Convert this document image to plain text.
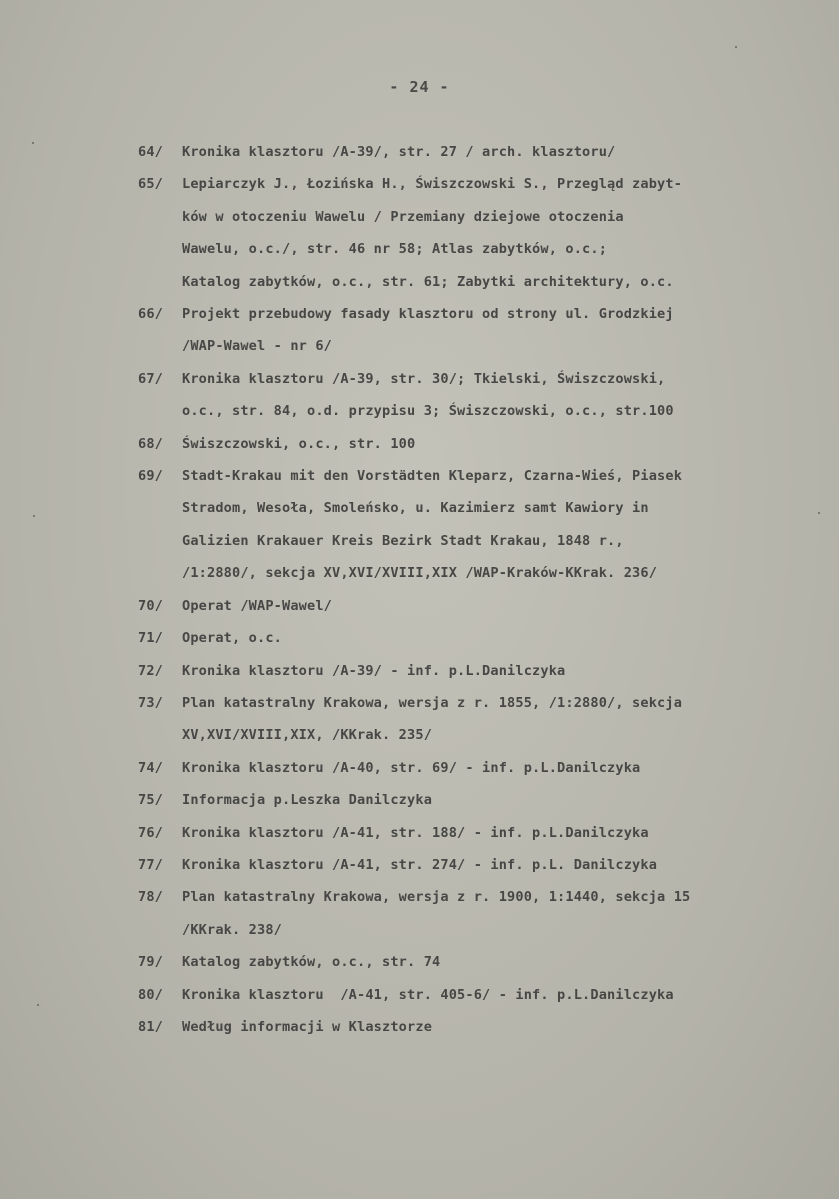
- 24 -
64/	Kronika klasztoru /A-39/, str. 27 / arch. klasztoru/
65/	Lepiarczyk J., Łozińska H., Świszczowski S., Przegląd zabyt-
ków w otoczeniu Wawelu / Przemiany dziejowe otoczenia
Wawelu, o.c./, str. 46 nr 58; Atlas zabytków, o.c.;
Katalog zabytków, o.c., str. 61; Zabytki architektury, o.c.
66/	Projekt przebudowy fasady klasztoru od strony ul. Grodzkiej
/WAP-Wawel - nr 6/
67/	Kronika klasztoru /A-39, str. 30/; Tkielski, Świszczowski,
o.c., str. 84, o.d. przypisu 3; Świszczowski, o.c., str.100
68/	Świszczowski, o.c., str. 100
69/	Stadt-Krakau mit den Vorstädten Kleparz, Czarna-Wieś, Piasek
Stradom, Wesoła, Smoleńsko, u. Kazimierz samt Kawiory in
Galizien Krakauer Kreis Bezirk Stadt Krakau, 1848 r.,
/1:2880/, sekcja XV,XVI/XVIII,XIX /WAP-Kraków-KKrak. 236/
70/	Operat /WAP-Wawel/
71/	Operat, o.c.
72/	Kronika klasztoru /A-39/ - inf. p.L.Danilczyka
73/	Plan katastralny Krakowa, wersja z r. 1855, /1:2880/, sekcja
XV,XVI/XVIII,XIX, /KKrak. 235/
74/	Kronika klasztoru /A-40, str. 69/ - inf. p.L.Danilczyka
75/	Informacja p.Leszka Danilczyka
76/	Kronika klasztoru /A-41, str. 188/ - inf. p.L.Danilczyka
77/	Kronika klasztoru /A-41, str. 274/ - inf. p.L. Danilczyka
78/	Plan katastralny Krakowa, wersja z r. 1900, 1:1440, sekcja 15
/KKrak. 238/
79/	Katalog zabytków, o.c., str. 74
80/	Kronika klasztoru  /A-41, str. 405-6/ - inf. p.L.Danilczyka
81/	Według informacji w Klasztorze
